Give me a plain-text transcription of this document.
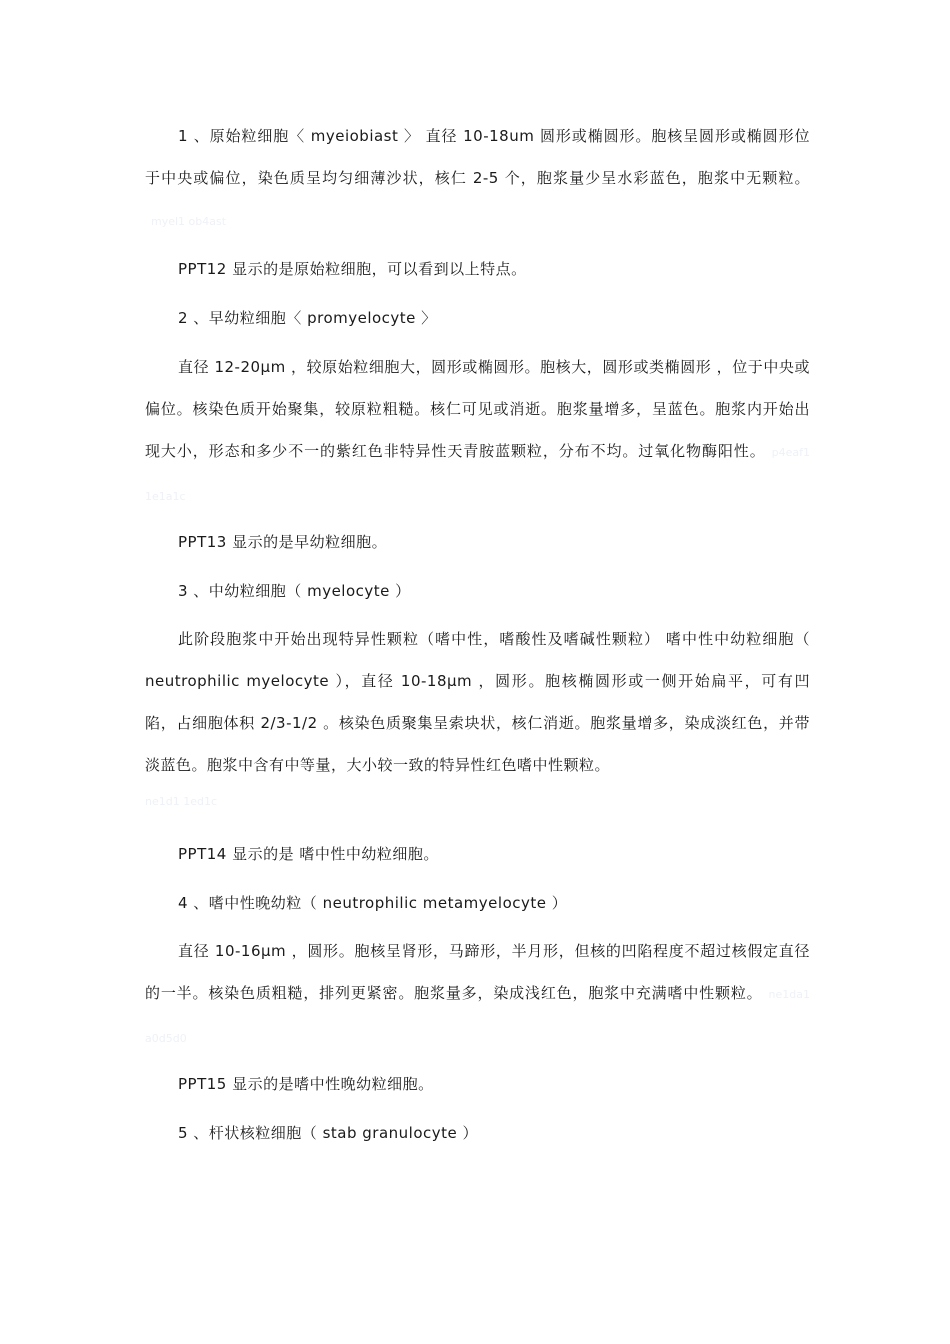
1 、原始粒细胞〈 myeiobiast 〉 直径 10-18um 圆形或椭圆形。胞核呈圆形或椭圆形位于中央或偏位，染色质呈均匀细薄沙状，核仁 2-5 个，胞浆量少呈水彩蓝色，胞浆中无颗粒。myel1 ob4ast

PPT12 显示的是原始粒细胞，可以看到以上特点。

2 、早幼粒细胞〈 promyelocyte 〉

直径 12-20μm ，较原始粒细胞大，圆形或椭圆形。胞核大，圆形或类椭圆形 ，位于中央或偏位。核染色质开始聚集，较原粒粗糙。核仁可见或消逝。胞浆量增多，呈蓝色。胞浆内开始出现大小，形态和多少不一的紫红色非特异性天青胺蓝颗粒，分布不均。过氧化物酶阳性。 p4eaf1 1e1a1c

PPT13 显示的是早幼粒细胞。

3 、中幼粒细胞（ myelocyte ）

此阶段胞浆中开始出现特异性颗粒（嗜中性，嗜酸性及嗜碱性颗粒） 嗜中性中幼粒细胞（ neutrophilic myelocyte ），直径 10-18μm ，圆形。胞核椭圆形或一侧开始扁平，可有凹陷，占细胞体积 2/3-1/2 。核染色质聚集呈索块状，核仁消逝。胞浆量增多，染成淡红色，并带淡蓝色。胞浆中含有中等量，大小较一致的特异性红色嗜中性颗粒。

ne1d1 1ed1c

PPT14 显示的是 嗜中性中幼粒细胞。

4 、嗜中性晚幼粒（ neutrophilic metamyelocyte ）

直径 10-16μm ，圆形。胞核呈肾形，马蹄形，半月形，但核的凹陷程度不超过核假定直径的一半。核染色质粗糙，排列更紧密。胞浆量多，染成浅红色，胞浆中充满嗜中性颗粒。 ne1da1 a0d5d0

PPT15 显示的是嗜中性晚幼粒细胞。

5 、杆状核粒细胞（ stab granulocyte ）
